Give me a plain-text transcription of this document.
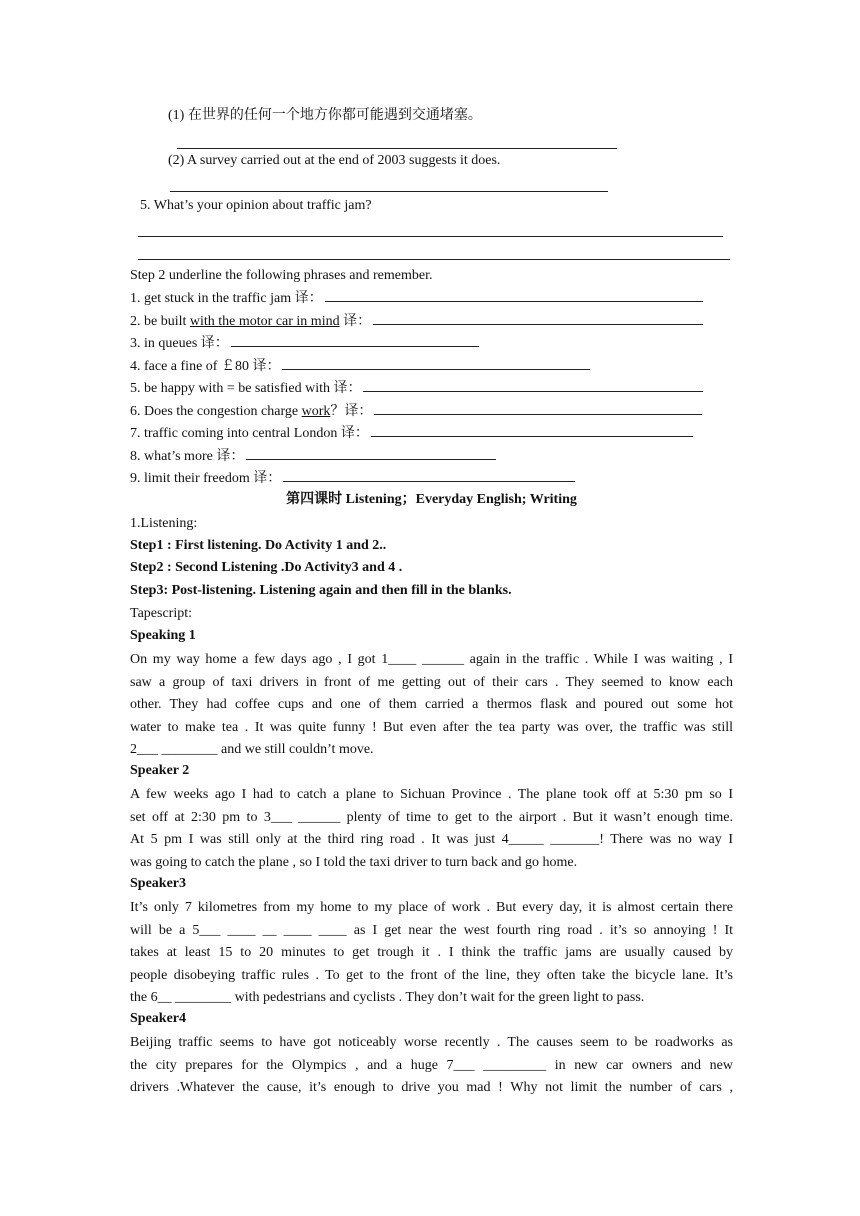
(1) 在世界的任何一个地方你都可能遇到交通堵塞。
(2) A survey carried out at the end of 2003 suggests it does.
5. What’s your opinion about traffic jam?
Step 2 underline the following phrases and remember.
1. get stuck in the traffic jam 译：
2. be built with the motor car in mind 译：
3. in queues 译：
4. face a fine of ￡80 译：
5. be happy with = be satisfied with 译：
6. Does the congestion charge work？译：
7. traffic coming into central London 译：
8. what’s more 译：
9. limit their freedom 译：
第四课时 Listening；Everyday English; Writing
1.Listening:
Step1 : First listening. Do Activity 1 and 2..
Step2 : Second Listening .Do Activity3 and 4 .
Step3: Post-listening. Listening again and then fill in the blanks.
Tapescript:
Speaking 1
On my way home a few days ago , I got 1____ ______ again in the traffic . While I was waiting , I
saw a group of taxi drivers in front of me getting out of their cars . They seemed to know each
other. They had coffee cups and one of them carried a thermos flask and poured out some hot
water to make tea . It was quite funny ! But even after the tea party was over, the traffic was still
2___ ________ and we still couldn’t move.
Speaker 2
A few weeks ago I had to catch a plane to Sichuan Province . The plane took off at 5:30 pm so I
set off at 2:30 pm to 3___ ______ plenty of time to get to the airport . But it wasn’t enough time.
At 5 pm I was still only at the third ring road . It was just 4_____ _______! There was no way I
was going to catch the plane , so I told the taxi driver to turn back and go home.
Speaker3
It’s only 7 kilometres from my home to my place of work . But every day, it is almost certain there
will be a 5___ ____ __ ____ ____ as I get near the west fourth ring road . it’s so annoying ! It
takes at least 15 to 20 minutes to get trough it . I think the traffic jams are usually caused by
people disobeying traffic rules . To get to the front of the line, they often take the bicycle lane. It’s
the 6__ ________ with pedestrians and cyclists . They don’t wait for the green light to pass.
Speaker4
Beijing traffic seems to have got noticeably worse recently . The causes seem to be roadworks as
the city prepares for the Olympics , and a huge 7___ _________ in new car owners and new
drivers .Whatever the cause, it’s enough to drive you mad ! Why not limit the number of cars ,
